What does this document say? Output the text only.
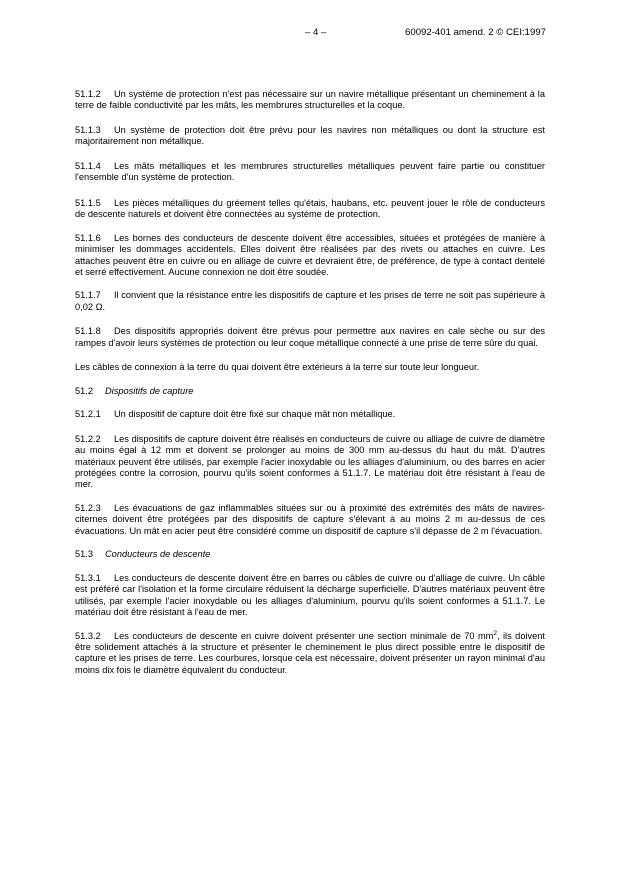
– 4 –	60092-401 amend. 2 © CEI:1997

51.1.2 Un système de protection n'est pas nécessaire sur un navire métallique présentant un cheminement à la terre de faible conductivité par les mâts, les membrures structurelles et la coque.

51.1.3 Un système de protection doit être prévu pour les navires non métalliques ou dont la structure est majoritairement non métallique.

51.1.4 Les mâts métalliques et les membrures structurelles métalliques peuvent faire partie ou constituer l'ensemble d'un système de protection.

51.1.5 Les pièces métalliques du gréement telles qu'étais, haubans, etc. peuvent jouer le rôle de conducteurs de descente naturels et doivent être connectées au système de protection.

51.1.6 Les bornes des conducteurs de descente doivent être accessibles, situées et protégées de manière à minimiser les dommages accidentels. Elles doivent être réalisées par des rivets ou attaches en cuivre. Les attaches peuvent être en cuivre ou en alliage de cuivre et devraient être, de préférence, de type à contact dentelé et serré effectivement. Aucune connexion ne doit être soudée.

51.1.7 Il convient que la résistance entre les dispositifs de capture et les prises de terre ne soit pas supérieure à 0,02 Ω.

51.1.8 Des dispositifs appropriés doivent être prévus pour permettre aux navires en cale sèche ou sur des rampes d'avoir leurs systèmes de protection ou leur coque métallique connecté à une prise de terre sûre du quai.

Les câbles de connexion à la terre du quai doivent être extérieurs à la terre sur toute leur longueur.

51.2 Dispositifs de capture

51.2.1 Un dispositif de capture doit être fixé sur chaque mât non métallique.

51.2.2 Les dispositifs de capture doivent être réalisés en conducteurs de cuivre ou alliage de cuivre de diamètre au moins égal à 12 mm et doivent se prolonger au moins de 300 mm au-dessus du haut du mât. D'autres matériaux peuvent être utilisés, par exemple l'acier inoxydable ou les alliages d'aluminium, ou des barres en acier protégées contre la corrosion, pourvu qu'ils soient conformes à 51.1.7. Le matériau doit être résistant à l'eau de mer.

51.2.3 Les évacuations de gaz inflammables situées sur ou à proximité des extrémités des mâts de navires-citernes doivent être protégées par des dispositifs de capture s'élevant à au moins 2 m au-dessus de ces évacuations. Un mât en acier peut être considéré comme un dispositif de capture s'il dépasse de 2 m l'évacuation.

51.3 Conducteurs de descente

51.3.1 Les conducteurs de descente doivent être en barres ou câbles de cuivre ou d'alliage de cuivre. Un câble est préféré car l'isolation et la forme circulaire réduisent la décharge superficielle. D'autres matériaux peuvent être utilisés, par exemple l'acier inoxydable ou les alliages d'aluminium, pourvu qu'ils soient conformes à 51.1.7. Le matériau doit être résistant à l'eau de mer.

51.3.2 Les conducteurs de descente en cuivre doivent présenter une section minimale de 70 $mm^2$, ils doivent être solidement attachés à la structure et présenter le cheminement le plus direct possible entre le dispositif de capture et les prises de terre. Les courbures, lorsque cela est nécessaire, doivent présenter un rayon minimal d'au moins dix fois le diamètre équivalent du conducteur.
